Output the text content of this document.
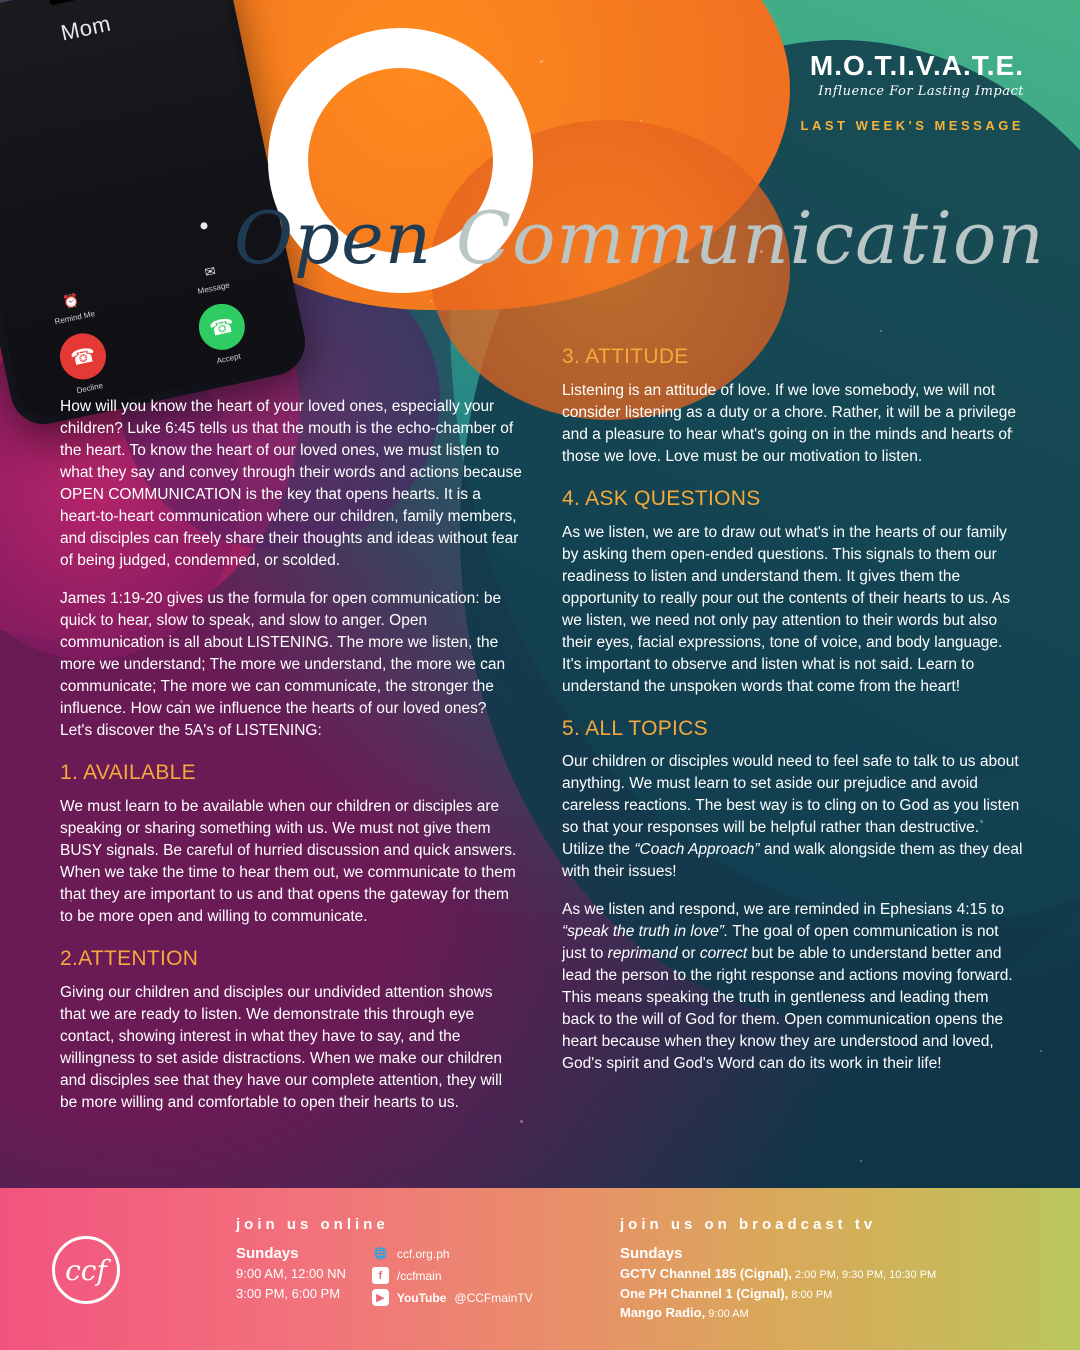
Mom
⏰
Remind Me
✉
Message
☎
Decline
☎
Accept
M.O.T.I.V.A.T.E.
Influence For Lasting Impact
LAST WEEK'S MESSAGE
Open Communication

How will you know the heart of your loved ones, especially your children? Luke 6:45 tells us that the mouth is the echo-chamber of the heart. To know the heart of our loved ones, we must listen to what they say and convey through their words and actions because OPEN COMMUNICATION is the key that opens hearts. It is a heart-to-heart communication where our children, family members, and disciples can freely share their thoughts and ideas without fear of being judged, condemned, or scolded.

James 1:19-20 gives us the formula for open communication: be quick to hear, slow to speak, and slow to anger. Open communication is all about LISTENING. The more we listen, the more we understand; The more we understand, the more we can communicate; The more we can communicate, the stronger the influence. How can we influence the hearts of our loved ones? Let's discover the 5A's of LISTENING:

1. AVAILABLE

We must learn to be available when our children or disciples are speaking or sharing something with us. We must not give them BUSY signals. Be careful of hurried discussion and quick answers. When we take the time to hear them out, we communicate to them that they are important to us and that opens the gateway for them to be more open and willing to communicate.

2.ATTENTION

Giving our children and disciples our undivided attention shows that we are ready to listen. We demonstrate this through eye contact, showing interest in what they have to say, and the willingness to set aside distractions. When we make our children and disciples see that they have our complete attention, they will be more willing and comfortable to open their hearts to us.

3. ATTITUDE

Listening is an attitude of love. If we love somebody, we will not consider listening as a duty or a chore. Rather, it will be a privilege and a pleasure to hear what's going on in the minds and hearts of those we love. Love must be our motivation to listen.

4. ASK QUESTIONS

As we listen, we are to draw out what's in the hearts of our family by asking them open-ended questions. This signals to them our readiness to listen and understand them. It gives them the opportunity to really pour out the contents of their hearts to us. As we listen, we need not only pay attention to their words but also their eyes, facial expressions, tone of voice, and body language. It's important to observe and listen what is not said. Learn to understand the unspoken words that come from the heart!

5. ALL TOPICS

Our children or disciples would need to feel safe to talk to us about anything. We must learn to set aside our prejudice and avoid careless reactions. The best way is to cling on to God as you listen so that your responses will be helpful rather than destructive. Utilize the “Coach Approach” and walk alongside them as they deal with their issues!

As we listen and respond, we are reminded in Ephesians 4:15 to “speak the truth in love”. The goal of open communication is not just to reprimand or correct but be able to understand better and lead the person to the right response and actions moving forward. This means speaking the truth in gentleness and leading them back to the will of God for them. Open communication opens the heart because when they know they are understood and loved, God's spirit and God's Word can do its work in their life!

ccf
join us online
Sundays
9:00 AM, 12:00 NN
3:00 PM, 6:00 PM
🌐 ccf.org.ph
f	/ccfmain
▶	YouTube @CCFmainTV
join us on broadcast tv
Sundays
GCTV Channel 185 (Cignal), 2:00 PM, 9:30 PM, 10:30 PM
One PH Channel 1 (Cignal), 8:00 PM
Mango Radio, 9:00 AM
